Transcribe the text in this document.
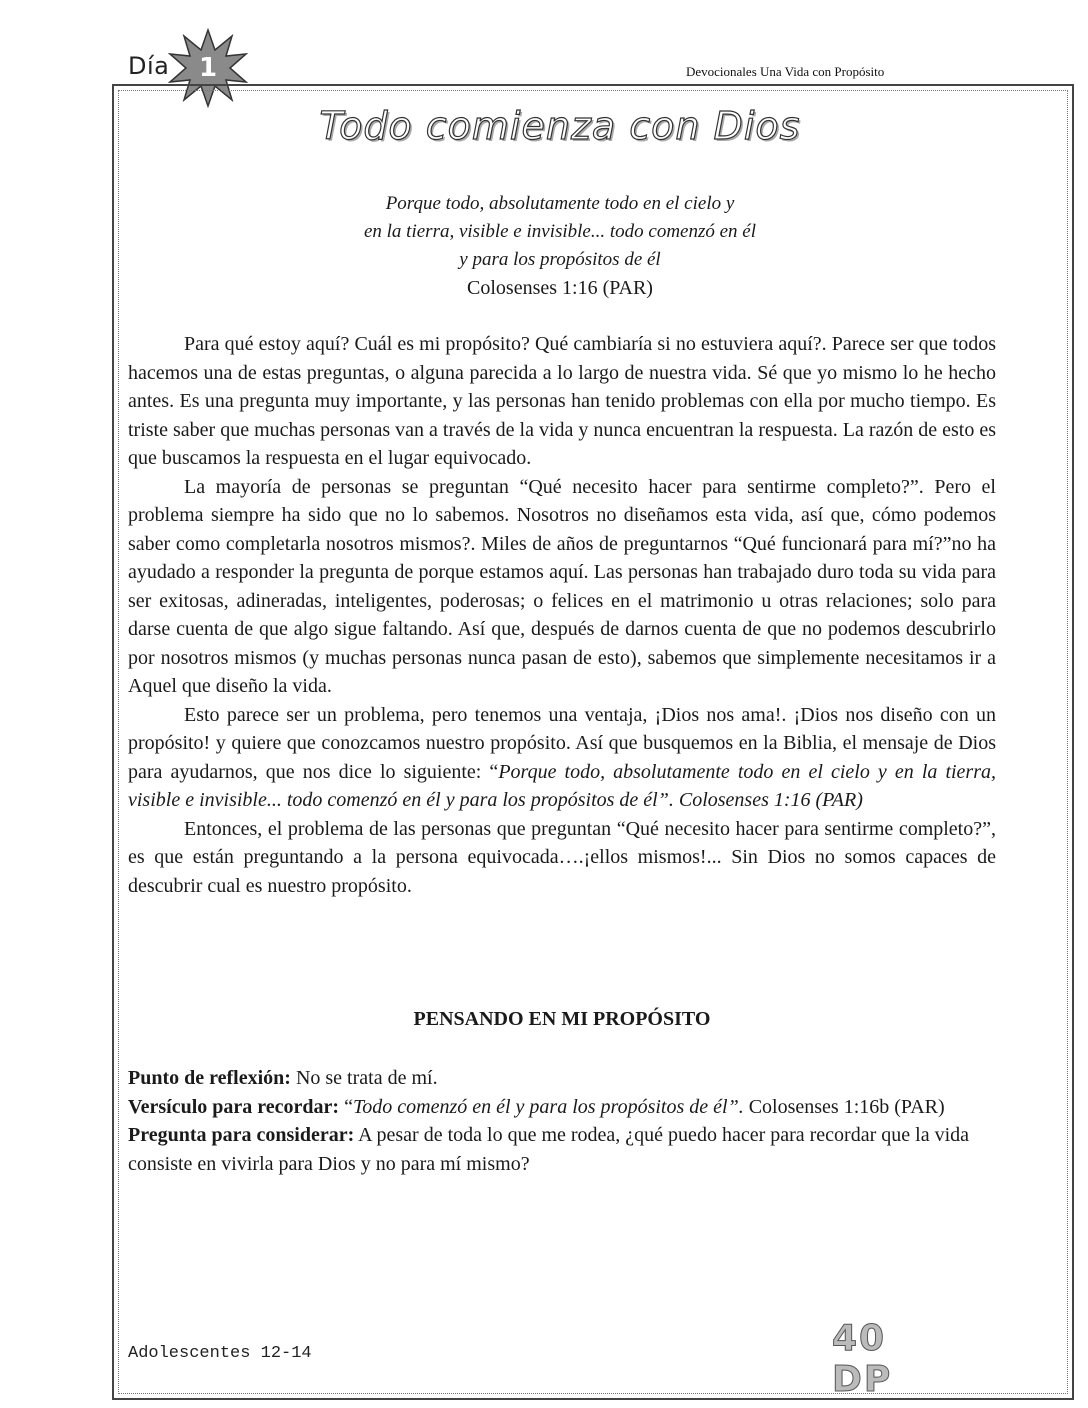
Día	1	Devocionales Una Vida con Propósito
Todo comienza con Dios
Porque todo, absolutamente todo en el cielo y
en la tierra, visible e invisible... todo comenzó en él
y para los propósitos de él
Colosenses 1:16 (PAR)

Para qué estoy aquí? Cuál es mi propósito? Qué cambiaría si no estuviera aquí?. Parece ser que todos hacemos una de estas preguntas, o alguna parecida a lo largo de nuestra vida. Sé que yo mismo lo he hecho antes. Es una pregunta muy importante, y las personas han tenido problemas con ella por mucho tiempo. Es triste saber que muchas personas van a través de la vida y nunca encuentran la respuesta. La razón de esto es que buscamos la respuesta en el lugar equivocado.

La mayoría de personas se preguntan “Qué necesito hacer para sentirme completo?”. Pero el problema siempre ha sido que no lo sabemos. Nosotros no diseñamos esta vida, así que, cómo podemos saber como completarla nosotros mismos?. Miles de años de preguntarnos “Qué funcionará para mí?”no ha ayudado a responder la pregunta de porque estamos aquí. Las personas han trabajado duro toda su vida para ser exitosas, adineradas, inteligentes, poderosas; o felices en el matrimonio u otras relaciones; solo para darse cuenta de que algo sigue faltando. Así que, después de darnos cuenta de que no podemos descubrirlo por nosotros mismos (y muchas personas nunca pasan de esto), sabemos que simplemente necesitamos ir a Aquel que diseño la vida.

Esto parece ser un problema, pero tenemos una ventaja, ¡Dios nos ama!. ¡Dios nos diseño con un propósito! y quiere que conozcamos nuestro propósito. Así que busquemos en la Biblia, el mensaje de Dios para ayudarnos, que nos dice lo siguiente: “Porque todo, absolutamente todo en el cielo y en la tierra, visible e invisible... todo comenzó en él y para los propósitos de él”. Colosenses 1:16 (PAR)

Entonces, el problema de las personas que preguntan “Qué necesito hacer para sentirme completo?”, es que están preguntando a la persona equivocada….¡ellos mismos!... Sin Dios no somos capaces de descubrir cual es nuestro propósito.

PENSANDO EN MI PROPÓSITO
Punto de reflexión: No se trata de mí.
Versículo para recordar: “Todo comenzó en él y para los propósitos de él”. Colosenses 1:16b (PAR)
Pregunta para considerar: A pesar de toda lo que me rodea, ¿qué puedo hacer para recordar que la vida consiste en vivirla para Dios y no para mí mismo?
Adolescentes 12-14	40 DP
